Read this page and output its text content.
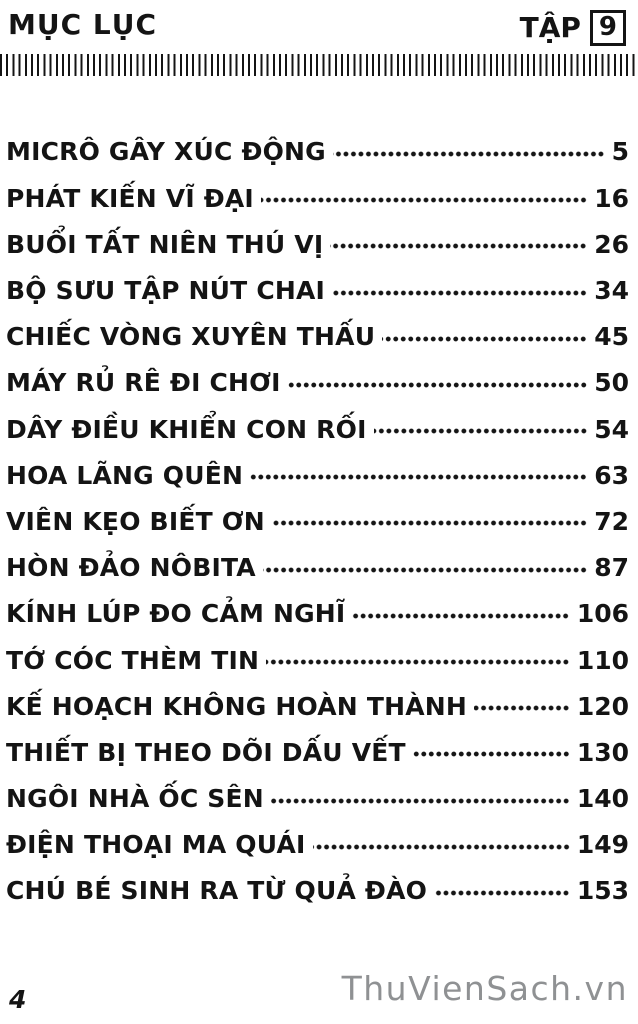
MỤC LỤC	TẬP 9
MICRÔ GÂY XÚC ĐỘNG	5
PHÁT KIẾN VĨ ĐẠI	16
BUỔI TẤT NIÊN THÚ VỊ	26
BỘ SƯU TẬP NÚT CHAI	34
CHIẾC VÒNG XUYÊN THẤU	45
MÁY RỦ RÊ ĐI CHƠI	50
DÂY ĐIỀU KHIỂN CON RỐI	54
HOA LÃNG QUÊN	63
VIÊN KẸO BIẾT ƠN	72
HÒN ĐẢO NÔBITA	87
KÍNH LÚP ĐO CẢM NGHĨ	106
TỚ CÓC THÈM TIN	110
KẾ HOẠCH KHÔNG HOÀN THÀNH	120
THIẾT BỊ THEO DÕI DẤU VẾT	130
NGÔI NHÀ ỐC SÊN	140
ĐIỆN THOẠI MA QUÁI	149
CHÚ BÉ SINH RA TỪ QUẢ ĐÀO	153
4	ThuVienSach.vn
